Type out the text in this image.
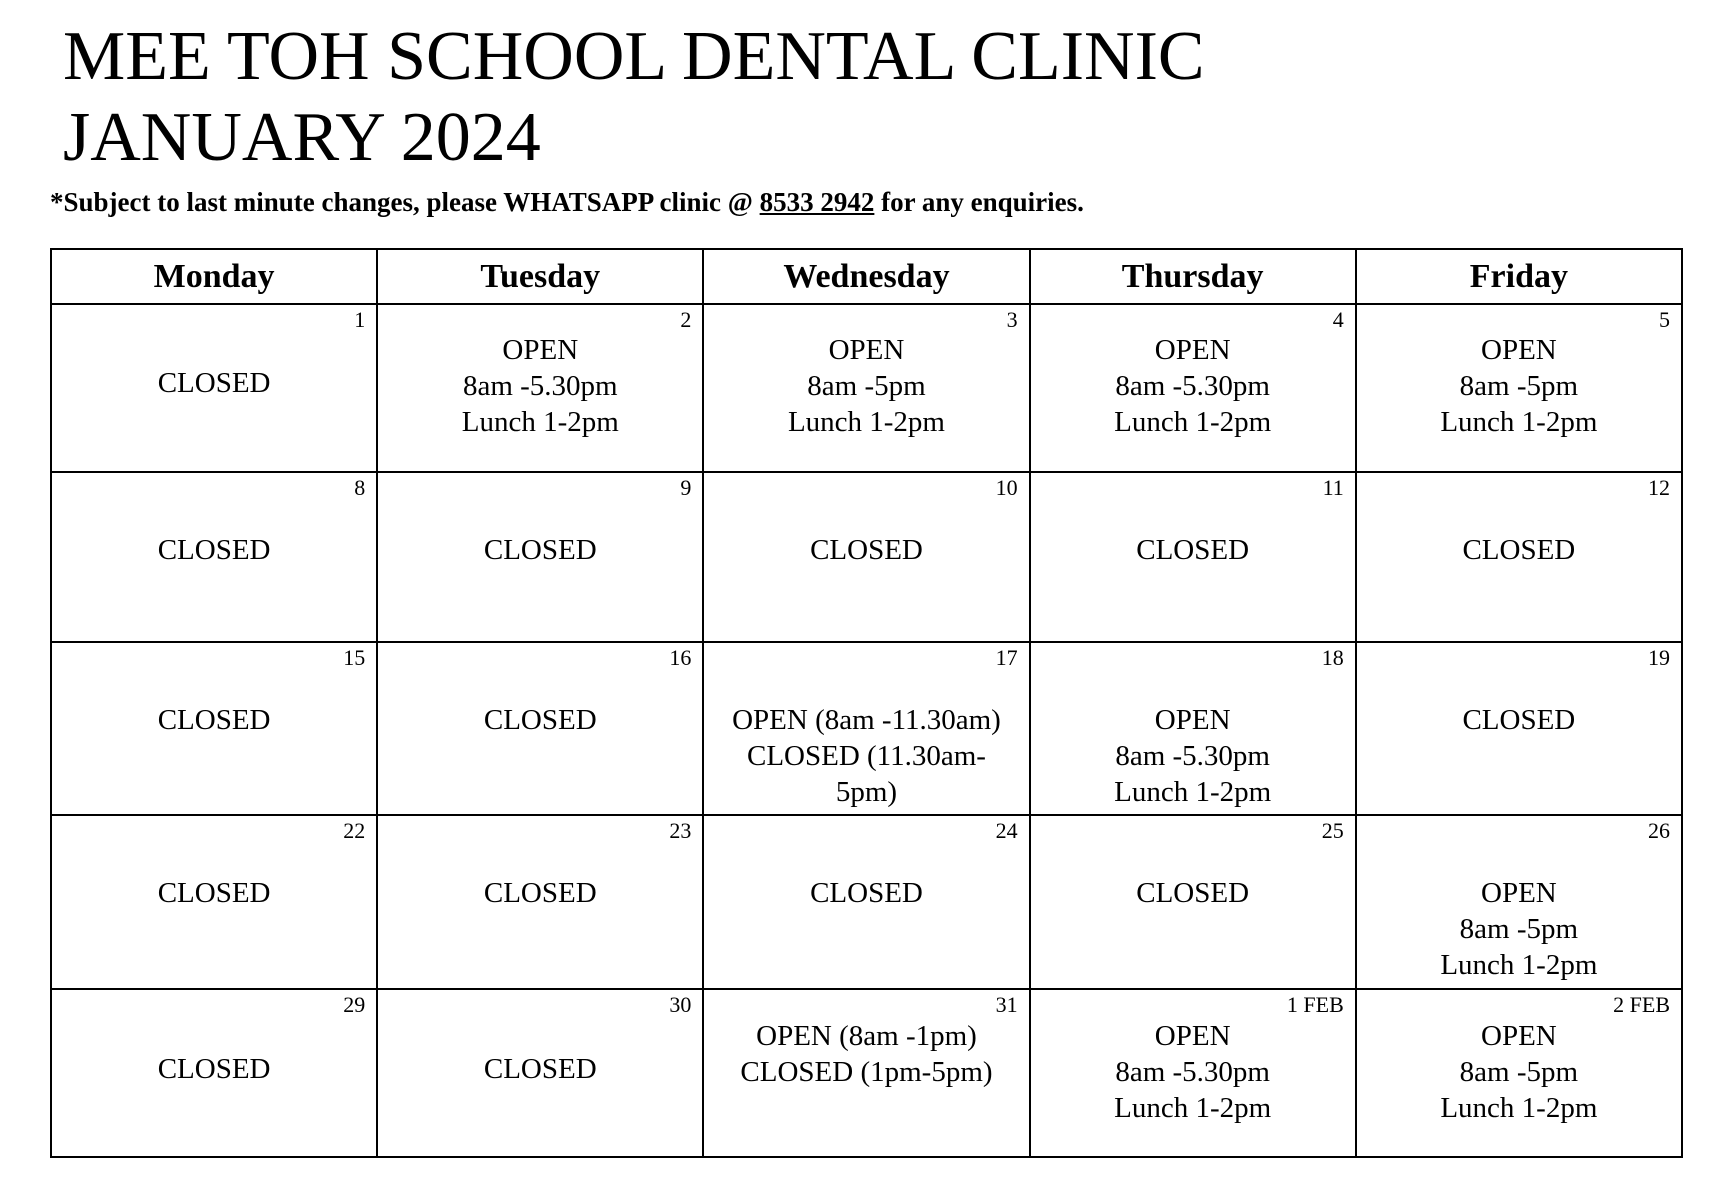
MEE TOH SCHOOL DENTAL CLINIC
JANUARY 2024
*Subject to last minute changes, please WHATSAPP clinic @ 8533 2942 for any enquiries.
Monday	Tuesday	Wednesday	Thursday	Friday

1
CLOSED	2
OPEN
8am -5.30pm
Lunch 1-2pm	3
OPEN
8am -5pm
Lunch 1-2pm	4
OPEN
8am -5.30pm
Lunch 1-2pm	5
OPEN
8am -5pm
Lunch 1-2pm

8
CLOSED	9
CLOSED	10
CLOSED	11
CLOSED	12
CLOSED

15
CLOSED	16
CLOSED	17
OPEN (8am -11.30am)
CLOSED (11.30am-
5pm)	18
OPEN
8am -5.30pm
Lunch 1-2pm	19
CLOSED

22
CLOSED	23
CLOSED	24
CLOSED	25
CLOSED	26
OPEN
8am -5pm
Lunch 1-2pm

29
CLOSED	30
CLOSED	31
OPEN (8am -1pm)
CLOSED (1pm-5pm)	1 FEB
OPEN
8am -5.30pm
Lunch 1-2pm	2 FEB
OPEN
8am -5pm
Lunch 1-2pm
